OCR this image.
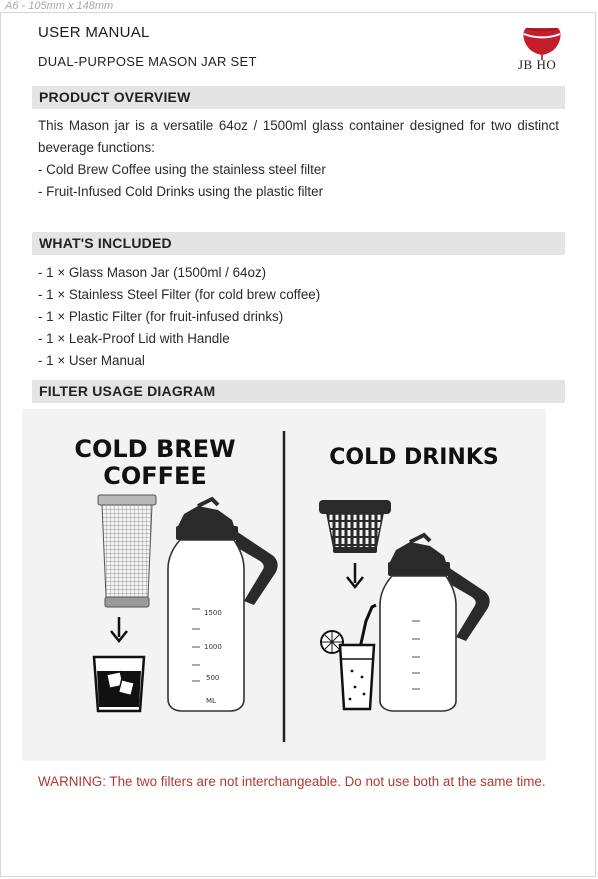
A6 - 105mm x 148mm
USER MANUAL
DUAL-PURPOSE MASON JAR SET	JB HO
PRODUCT OVERVIEW
This Mason jar is a versatile 64oz / 1500ml glass container designed for two distinct beverage functions:
- Cold Brew Coffee using the stainless steel filter
- Fruit-Infused Cold Drinks using the plastic filter
WHAT'S INCLUDED
- 1 × Glass Mason Jar (1500ml / 64oz)
- 1 × Stainless Steel Filter (for cold brew coffee)
- 1 × Plastic Filter (for fruit-infused drinks)
- 1 × Leak-Proof Lid with Handle
- 1 × User Manual
FILTER USAGE DIAGRAM
COLD BREW
COFFEE
COLD DRINKS
1500
1000
500
ML
WARNING: The two filters are not interchangeable. Do not use both at the same time.
